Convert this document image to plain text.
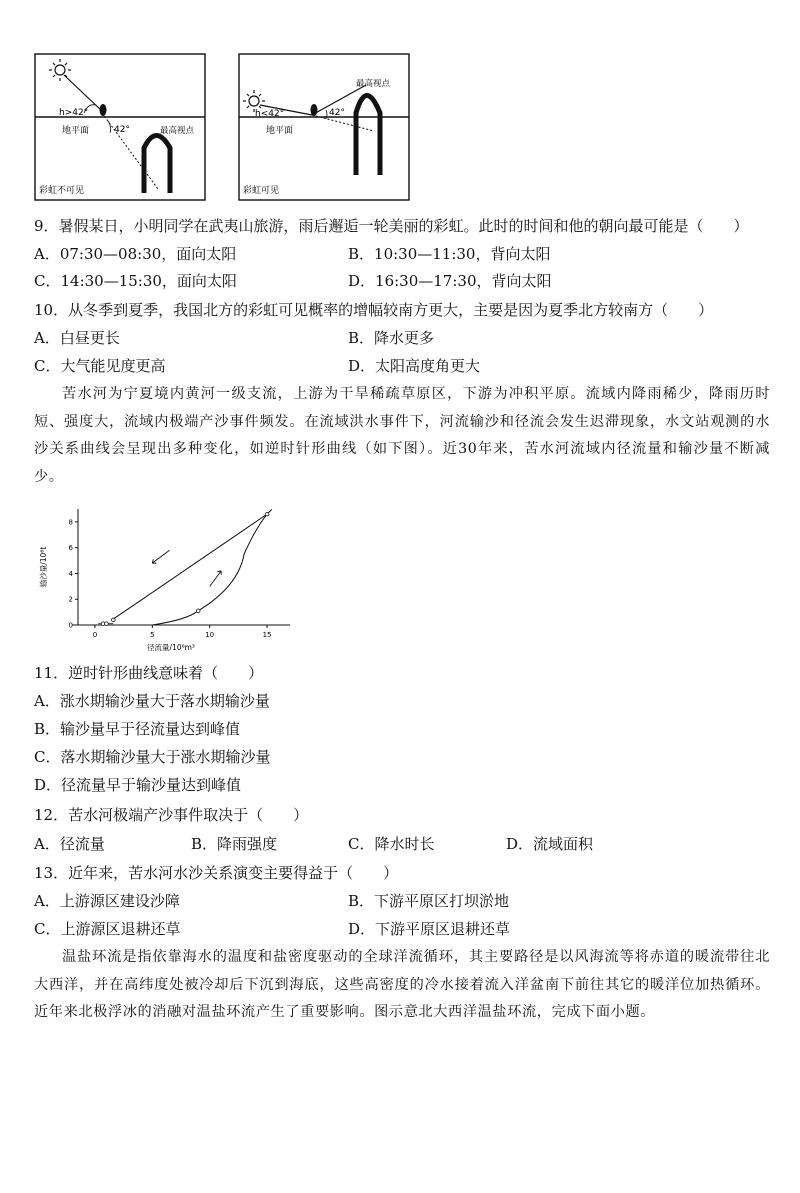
h>42°
42°
地平面	最高视点
彩虹不可见
h<42°	42°
地平面
最高视点
彩虹可见
9．暑假某日，小明同学在武夷山旅游，雨后邂逅一轮美丽的彩虹。此时的时间和他的朝向最可能是（　　）
A．07:30—08:30，面向太阳	B．10:30—11:30，背向太阳
C．14:30—15:30，面向太阳	D．16:30—17:30，背向太阳
10．从冬季到夏季，我国北方的彩虹可见概率的增幅较南方更大，主要是因为夏季北方较南方（　　）
A．白昼更长	B．降水更多
C．大气能见度更高	D．太阳高度角更大
苦水河为宁夏境内黄河一级支流，上游为干旱稀疏草原区，下游为冲积平原。流域内降雨稀少，降雨历时短、强度大，流域内极端产沙事件频发。在流域洪水事件下，河流输沙和径流会发生迟滞现象，水文站观测的水沙关系曲线会呈现出多种变化，如逆时针形曲线（如下图）。近30年来，苦水河流域内径流量和输沙量不断减少。
0	5	10	15
0
2
4
6
8
径流量/10⁶m³
输沙量/10⁶t
11．逆时针形曲线意味着（　　）
A．涨水期输沙量大于落水期输沙量
B．输沙量早于径流量达到峰值
C．落水期输沙量大于涨水期输沙量
D．径流量早于输沙量达到峰值
12．苦水河极端产沙事件取决于（　　）
A．径流量	B．降雨强度	C．降水时长	D．流域面积
13．近年来，苦水河水沙关系演变主要得益于（　　）
A．上游源区建设沙障	B．下游平原区打坝淤地
C．上游源区退耕还草	D．下游平原区退耕还草
温盐环流是指依靠海水的温度和盐密度驱动的全球洋流循环，其主要路径是以风海流等将赤道的暖流带往北大西洋，并在高纬度处被冷却后下沉到海底，这些高密度的冷水接着流入洋盆南下前往其它的暖洋位加热循环。近年来北极浮冰的消融对温盐环流产生了重要影响。图示意北大西洋温盐环流，完成下面小题。
